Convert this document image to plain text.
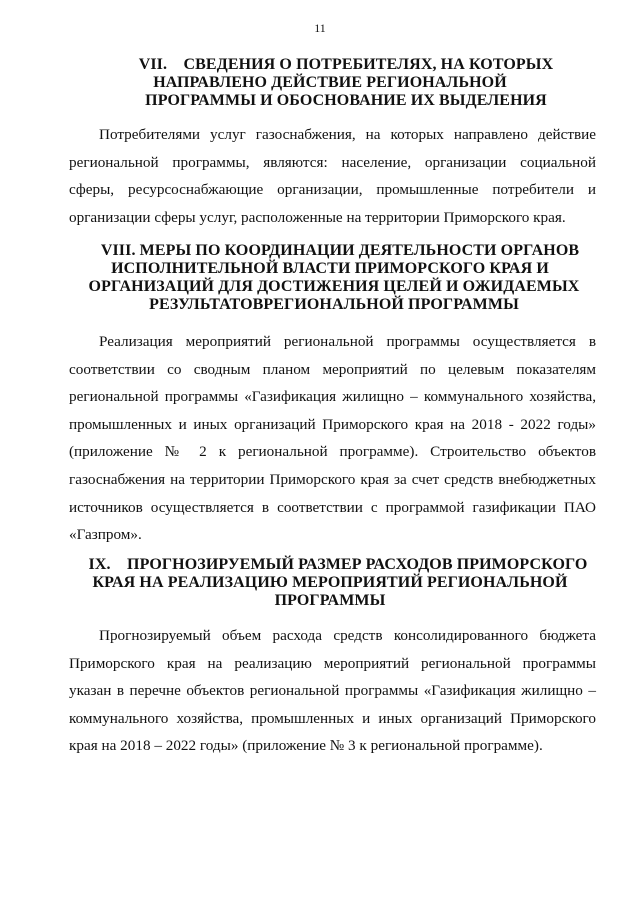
11
VII.    СВЕДЕНИЯ О ПОТРЕБИТЕЛЯХ, НА КОТОРЫХ
НАПРАВЛЕНО ДЕЙСТВИЕ РЕГИОНАЛЬНОЙ
ПРОГРАММЫ И ОБОСНОВАНИЕ ИХ ВЫДЕЛЕНИЯ
Потребителями услуг газоснабжения, на которых направлено действие
региональной программы, являются: население, организации социальной
сферы, ресурсоснабжающие организации, промышленные потребители и
организации сферы услуг, расположенные на территории Приморского края.
VIII. МЕРЫ ПО КООРДИНАЦИИ ДЕЯТЕЛЬНОСТИ ОРГАНОВ
ИСПОЛНИТЕЛЬНОЙ ВЛАСТИ ПРИМОРСКОГО КРАЯ И
ОРГАНИЗАЦИЙ ДЛЯ ДОСТИЖЕНИЯ ЦЕЛЕЙ И ОЖИДАЕМЫХ
РЕЗУЛЬТАТОВРЕГИОНАЛЬНОЙ ПРОГРАММЫ
Реализация мероприятий региональной программы осуществляется в
соответствии со сводным планом мероприятий по целевым показателям
региональной программы «Газификация жилищно – коммунального хозяйства,
промышленных и иных организаций Приморского края на 2018 - 2022 годы»
(приложение № 2 к региональной программе). Строительство объектов
газоснабжения на территории Приморского края за счет средств внебюджетных
источников осуществляется в соответствии с программой газификации ПАО
«Газпром».
IX.    ПРОГНОЗИРУЕМЫЙ РАЗМЕР РАСХОДОВ ПРИМОРСКОГО
КРАЯ НА РЕАЛИЗАЦИЮ МЕРОПРИЯТИЙ РЕГИОНАЛЬНОЙ
ПРОГРАММЫ
Прогнозируемый объем расхода средств консолидированного бюджета
Приморского края на реализацию мероприятий региональной программы
указан в перечне объектов региональной программы «Газификация жилищно –
коммунального хозяйства, промышленных и иных организаций Приморского
края на 2018 – 2022 годы» (приложение № 3 к региональной программе).
